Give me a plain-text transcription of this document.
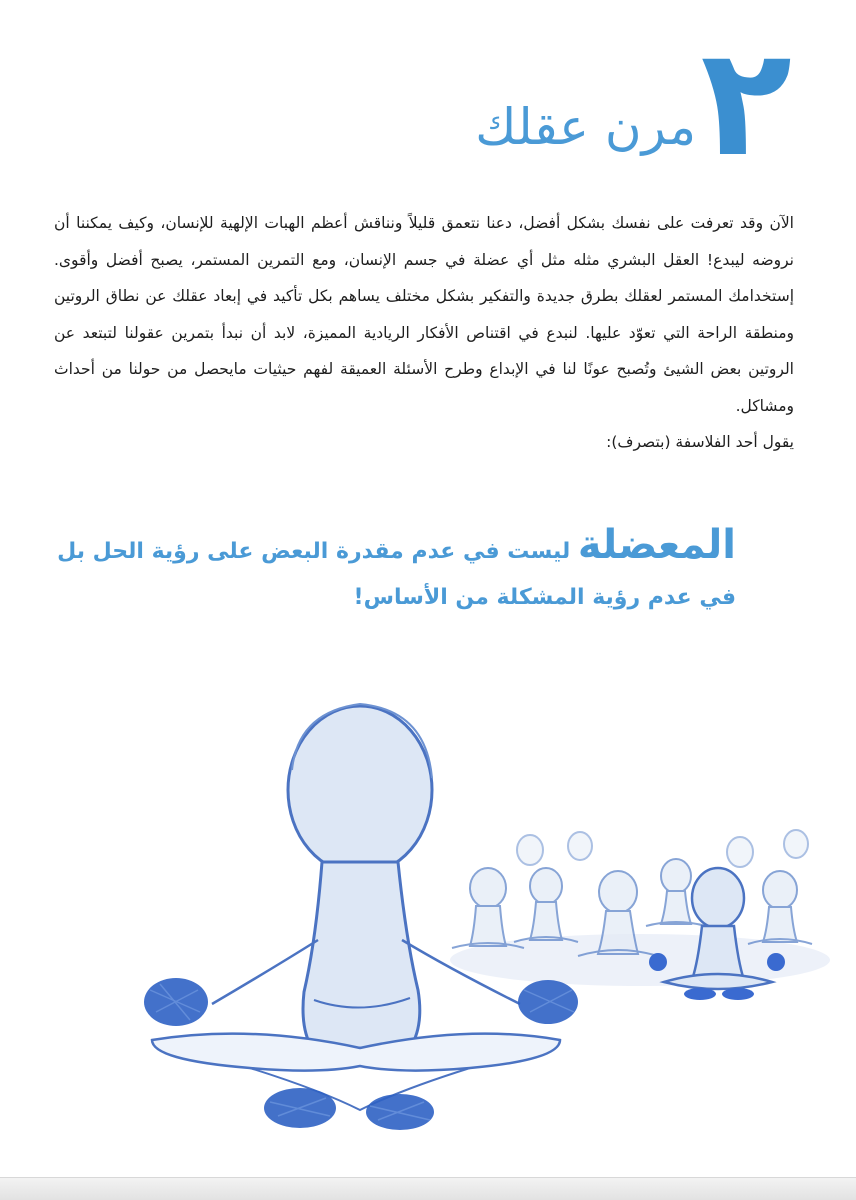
٢
مرن عقلك
الآن وقد تعرفت على نفسك بشكل أفضل، دعنا نتعمق قليلاً ونناقش أعظم الهبات الإلهية للإنسان، وكيف يمكننا أن نروضه ليبدع! العقل البشري مثله مثل أي عضلة في جسم الإنسان، ومع التمرين المستمر، يصبح أفضل وأقوى. إستخدامك المستمر لعقلك بطرق جديدة والتفكير بشكل مختلف يساهم بكل تأكيد في إبعاد عقلك عن نطاق الروتين ومنطقة الراحة التي تعوّد عليها. لنبدع في اقتناص الأفكار الريادية المميزة، لابد أن نبدأ بتمرين عقولنا لتبتعد عن الروتين بعض الشيئ وتُصبح عونًا لنا في الإبداع وطرح الأسئلة العميقة لفهم حيثيات مايحصل من حولنا من أحداث ومشاكل.
يقول أحد الفلاسفة (بتصرف):
المعضلة ليست في عدم مقدرة البعض على رؤية الحل بل
في عدم رؤية المشكلة من الأساس!
